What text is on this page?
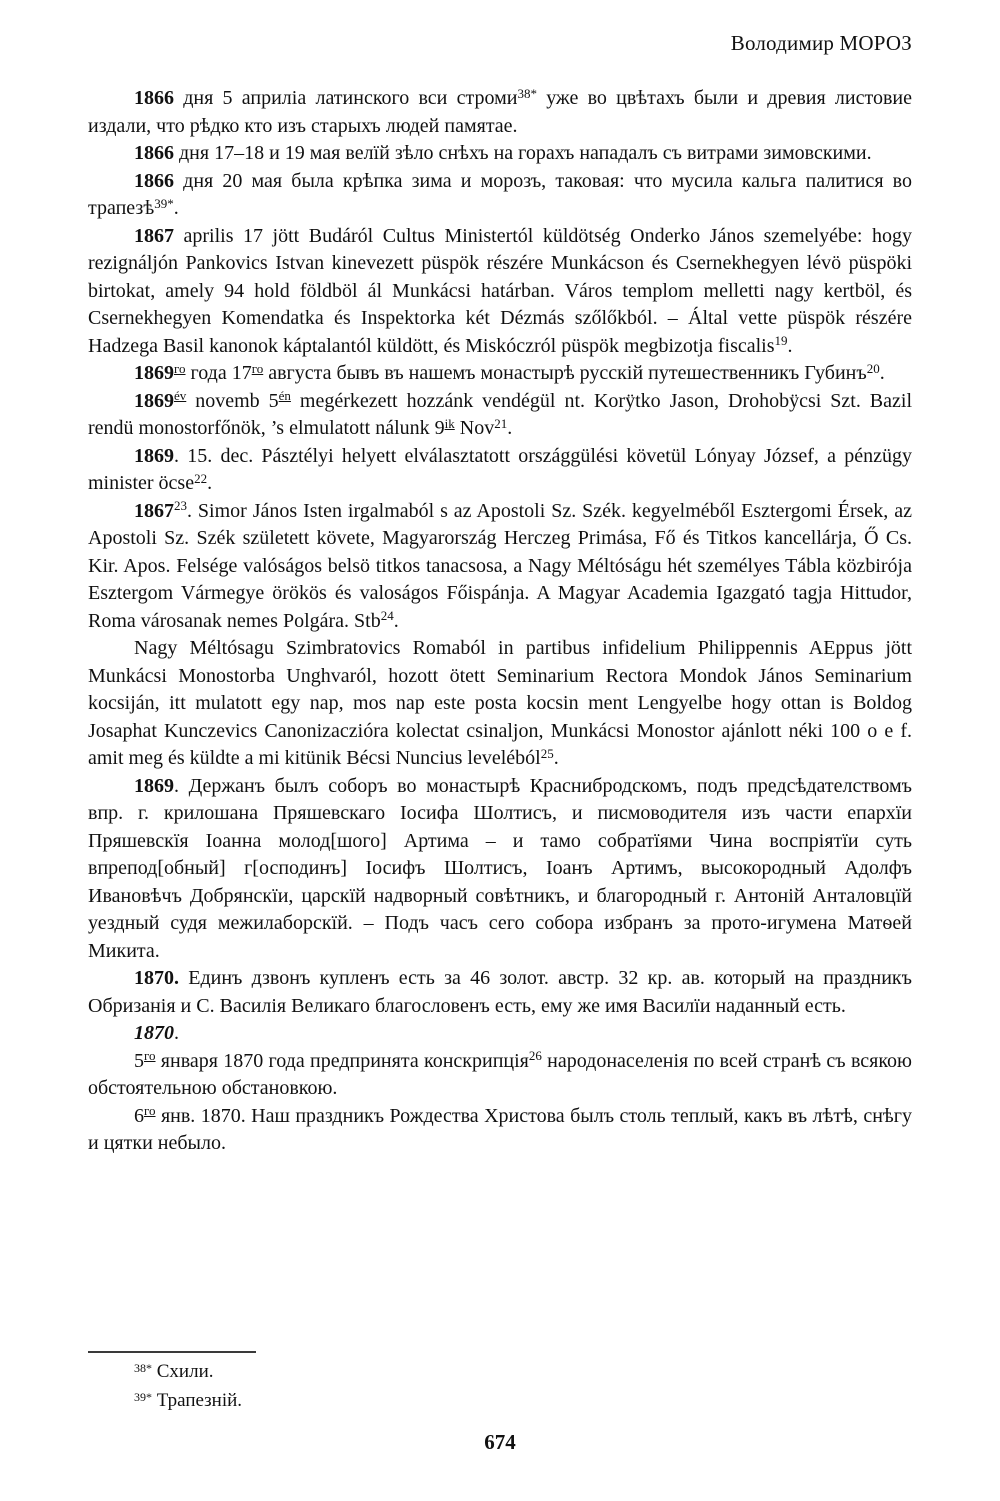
Володимир МОРОЗ

1866 дня 5 априліа латинского вси строми$^{38*}$ уже во цвѣтахъ были и древия листовие издали, что рѣдко кто изъ старыхъ людей памятае.

1866 дня 17–18 и 19 мая велїй зѣло снѣхъ на горахъ нападалъ съ витрами зимовскими.

1866 дня 20 мая была крѣпка зима и морозъ, таковая: что мусила кальга палитися во трапезѣ$^{39*}$.

1867 aprilis 17 jött Budáról Cultus Ministertól küldötség Onderko János szemelyébe: hogy rezignáljón Pankovics Istvan kinevezett püspök részére Munkácson és Csernekhegyen lévö püspöki birtokat, amely 94 hold földböl ál Munkácsi határban. Város templom melletti nagy kertböl, és Csernekhegyen Komendatka és Inspektorka két Dézmás szőlőkból. – Által vette püspök részére Hadzega Basil kanonok káptalantól küldött, és Miskóczról püspök megbizotja fiscalis$^{19}$.

1869$^{го}$ года 17$^{го}$ августа бывъ въ нашемъ монастырѣ русскій путешественникъ Губинъ$^{20}$.

1869$^{év}$ novemb 5$^{én}$ megérkezett hozzánk vendégül nt. Korÿtko Jason, Drohobÿcsi Szt. Bazil rendü monostorfőnök, ’s elmulatott nálunk 9$^{ik}$ Nov$^{21}$.

1869. 15. dec. Pásztélyi helyett elválasztatott országgülési követül Lónyay József, a pénzügy minister öcse$^{22}$.

1867$^{23}$. Simor János Isten irgalmaból s az Apostoli Sz. Szék. kegyelméből Esztergomi Érsek, az Apostoli Sz. Szék született követe, Magyarország Herczeg Primása, Fő és Titkos kancellárja, Ő Cs. Kir. Apos. Felsége valóságos belsö titkos tanacsosa, a Nagy Méltóságu hét személyes Tábla közbirója Esztergom Vármegye örökös és valoságos Főispánja. A Magyar Academia Igazgató tagja Hittudor, Roma városanak nemes Polgára. Stb$^{24}$.

Nagy Méltósagu Szimbratovics Romaból in partibus infidelium Philippennis AEppus jött Munkácsi Monostorba Unghvaról, hozott ötett Seminarium Rectora Mondok János Seminarium kocsiján, itt mulatott egy nap, mos nap este posta kocsin ment Lengyelbe hogy ottan is Boldog Josaphat Kunczevics Canonizaczióra kolectat csinaljon, Munkácsi Monostor ajánlott néki 100 o e f. amit meg és küldte a mi kitünik Bécsi Nuncius leveléból$^{25}$.

1869. Держанъ былъ соборъ во монастырѣ Краснибродскомъ, подъ предсѣдателствомъ впр. г. крилошана Пряшевскаго Іосифа Шолтисъ, и писмоводителя изъ части епархїи Пряшевскїя Іоанна молод[шого] Артима – и тамо собратїями Чина воспріятїи суть впрепод[обный] г[осподинъ] Іосифъ Шолтисъ, Іоанъ Артимъ, высокородный Адолфъ Ивановѣчъ Добрянскїи, царскїй надворный совѣтникъ, и благородный г. Антоній Анталовцїй уездный судя межилаборскїй. – Подъ часъ сего собора избранъ за прото-игумена Матѳей Микита.

1870. Единъ дзвонъ купленъ есть за 46 золот. австр. 32 кр. ав. который на праздникъ Обризанія и С. Василія Великаго благословенъ есть, ему же имя Василїи наданный есть.

1870.

5$^{го}$ января 1870 года предпринята конскрипція$^{26}$ народонаселенія по всей странѣ съ всякою обстоятельною обстановкою.

6$^{го}$ янв. 1870. Наш праздникъ Рождества Христова былъ столь теплый, какъ въ лѣтѣ, снѣгу и цятки небыло.

$^{38*}$ Схили.

$^{39*}$ Трапезній.

674
